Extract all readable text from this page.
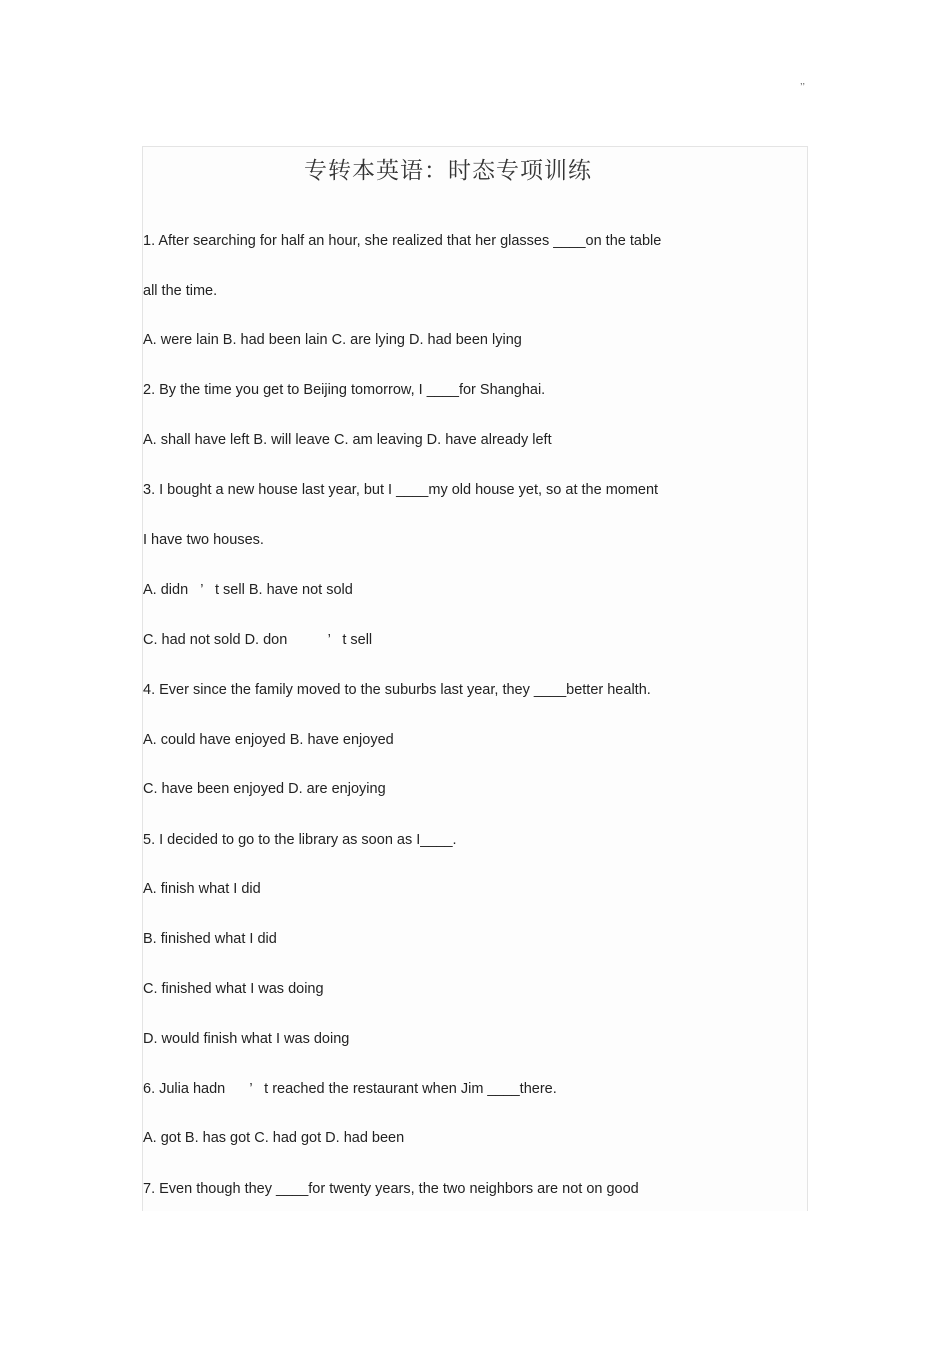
,,
专转本英语：时态专项训练
1. After searching for half an hour, she realized that her glasses ____on the table
all the time.
A. were lain B. had been lain C. are lying D. had been lying
2. By the time you get to Beijing tomorrow, I ____for Shanghai.
A. shall have left B. will leave C. am leaving D. have already left
3. I bought a new house last year, but I ____my old house yet, so at the moment
I have two houses.
A. didn   ’   t sell B. have not sold
C. had not sold D. don          ’   t sell
4. Ever since the family moved to the suburbs last year, they ____better health.
A. could have enjoyed B. have enjoyed
C. have been enjoyed D. are enjoying
5. I decided to go to the library as soon as I____.
A. finish what I did
B. finished what I did
C. finished what I was doing
D. would finish what I was doing
6. Julia hadn      ’   t reached the restaurant when Jim ____there.
A. got B. has got C. had got D. had been
7. Even though they ____for twenty years, the two neighbors are not on good
